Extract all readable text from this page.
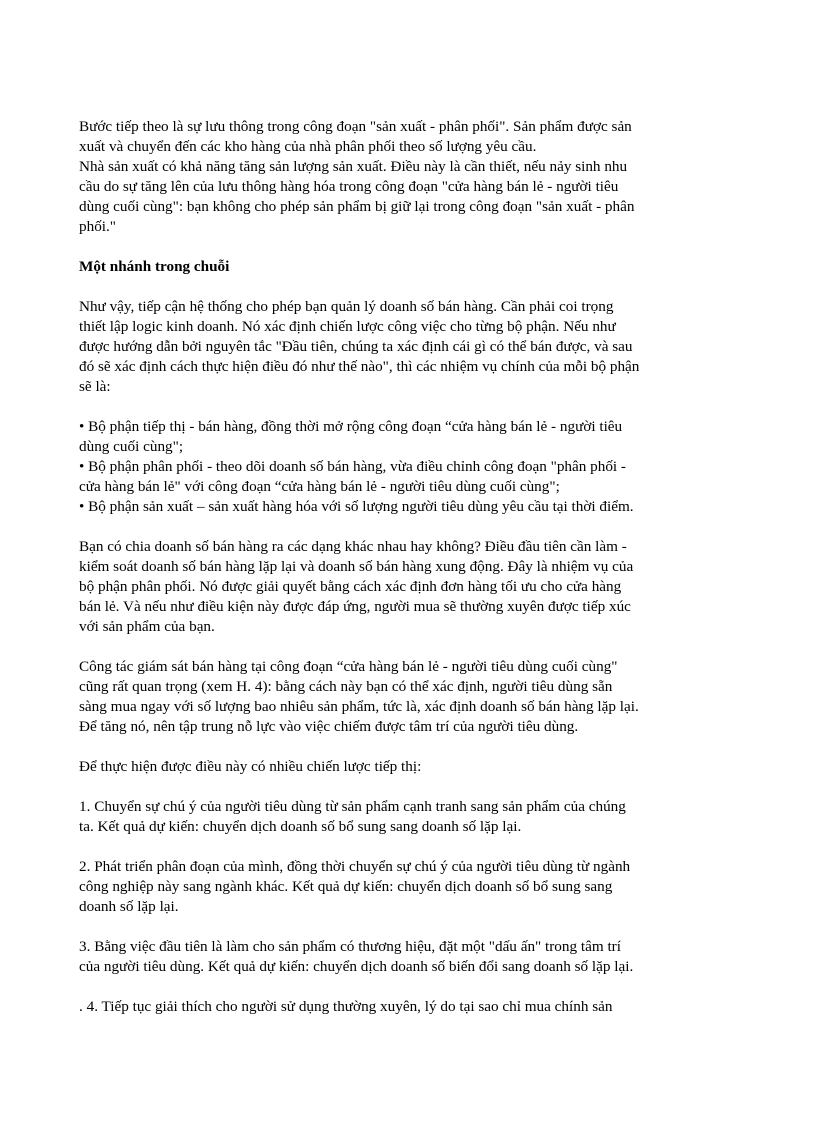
Bước tiếp theo là sự lưu thông trong công đoạn "sản xuất - phân phối". Sản phẩm được sản
xuất và chuyển đến các kho hàng của nhà phân phối theo số lượng yêu cầu.
Nhà sản xuất có khả năng tăng sản lượng sản xuất. Điều này là cần thiết, nếu nảy sinh nhu
cầu do sự tăng lên của lưu thông hàng hóa trong công đoạn "cửa hàng bán lẻ - người tiêu
dùng cuối cùng": bạn không cho phép sản phẩm bị giữ lại trong công đoạn "sản xuất - phân
phối."

Một nhánh trong chuỗi

Như vậy, tiếp cận hệ thống cho phép bạn quản lý doanh số bán hàng. Cần phải coi trọng
thiết lập logic kinh doanh. Nó xác định chiến lược công việc cho từng bộ phận. Nếu như
được hướng dẫn bởi nguyên tắc "Đầu tiên, chúng ta xác định cái gì có thể bán được, và sau
đó sẽ xác định cách thực hiện điều đó như thế nào", thì các nhiệm vụ chính của mỗi bộ phận
sẽ là:

• Bộ phận tiếp thị - bán hàng, đồng thời mở rộng công đoạn “cửa hàng bán lẻ - người tiêu
dùng cuối cùng";
• Bộ phận phân phối - theo dõi doanh số bán hàng, vừa điều chỉnh công đoạn "phân phối -
cửa hàng bán lẻ" với công đoạn “cửa hàng bán lẻ - người tiêu dùng cuối cùng";
• Bộ phận sản xuất – sản xuất hàng hóa với số lượng người tiêu dùng yêu cầu tại thời điểm.

Bạn có chia doanh số bán hàng ra các dạng khác nhau hay không? Điều đầu tiên cần làm -
kiểm soát doanh số bán hàng lặp lại và doanh số bán hàng xung động. Đây là nhiệm vụ của
bộ phận phân phối. Nó được giải quyết bằng cách xác định đơn hàng tối ưu cho cửa hàng
bán lẻ. Và nếu như điều kiện này được đáp ứng, người mua sẽ thường xuyên được tiếp xúc
với sản phẩm của bạn.

Công tác giám sát bán hàng tại công đoạn “cửa hàng bán lẻ - người tiêu dùng cuối cùng"
cũng rất quan trọng (xem H. 4): bằng cách này bạn có thể xác định, người tiêu dùng sẵn
sàng mua ngay với số lượng bao nhiêu sản phẩm, tức là, xác định doanh số bán hàng lặp lại.
Để tăng nó, nên tập trung nỗ lực vào việc chiếm được tâm trí của người tiêu dùng.

Để thực hiện được điều này có nhiều chiến lược tiếp thị:

1. Chuyển sự chú ý của người tiêu dùng từ sản phẩm cạnh tranh sang sản phẩm của chúng
ta. Kết quả dự kiến: chuyển dịch doanh số bổ sung sang doanh số lặp lại.

2. Phát triển phân đoạn của mình, đồng thời chuyển sự chú ý của người tiêu dùng từ ngành
công nghiệp này sang ngành khác. Kết quả dự kiến: chuyển dịch doanh số bổ sung sang
doanh số lặp lại.

3. Bằng việc đầu tiên là làm cho sản phẩm có thương hiệu, đặt một "dấu ấn" trong tâm trí
của người tiêu dùng. Kết quả dự kiến: chuyển dịch doanh số biến đổi sang doanh số lặp lại.

. 4. Tiếp tục giải thích cho người sử dụng thường xuyên, lý do tại sao chỉ mua chính sản
